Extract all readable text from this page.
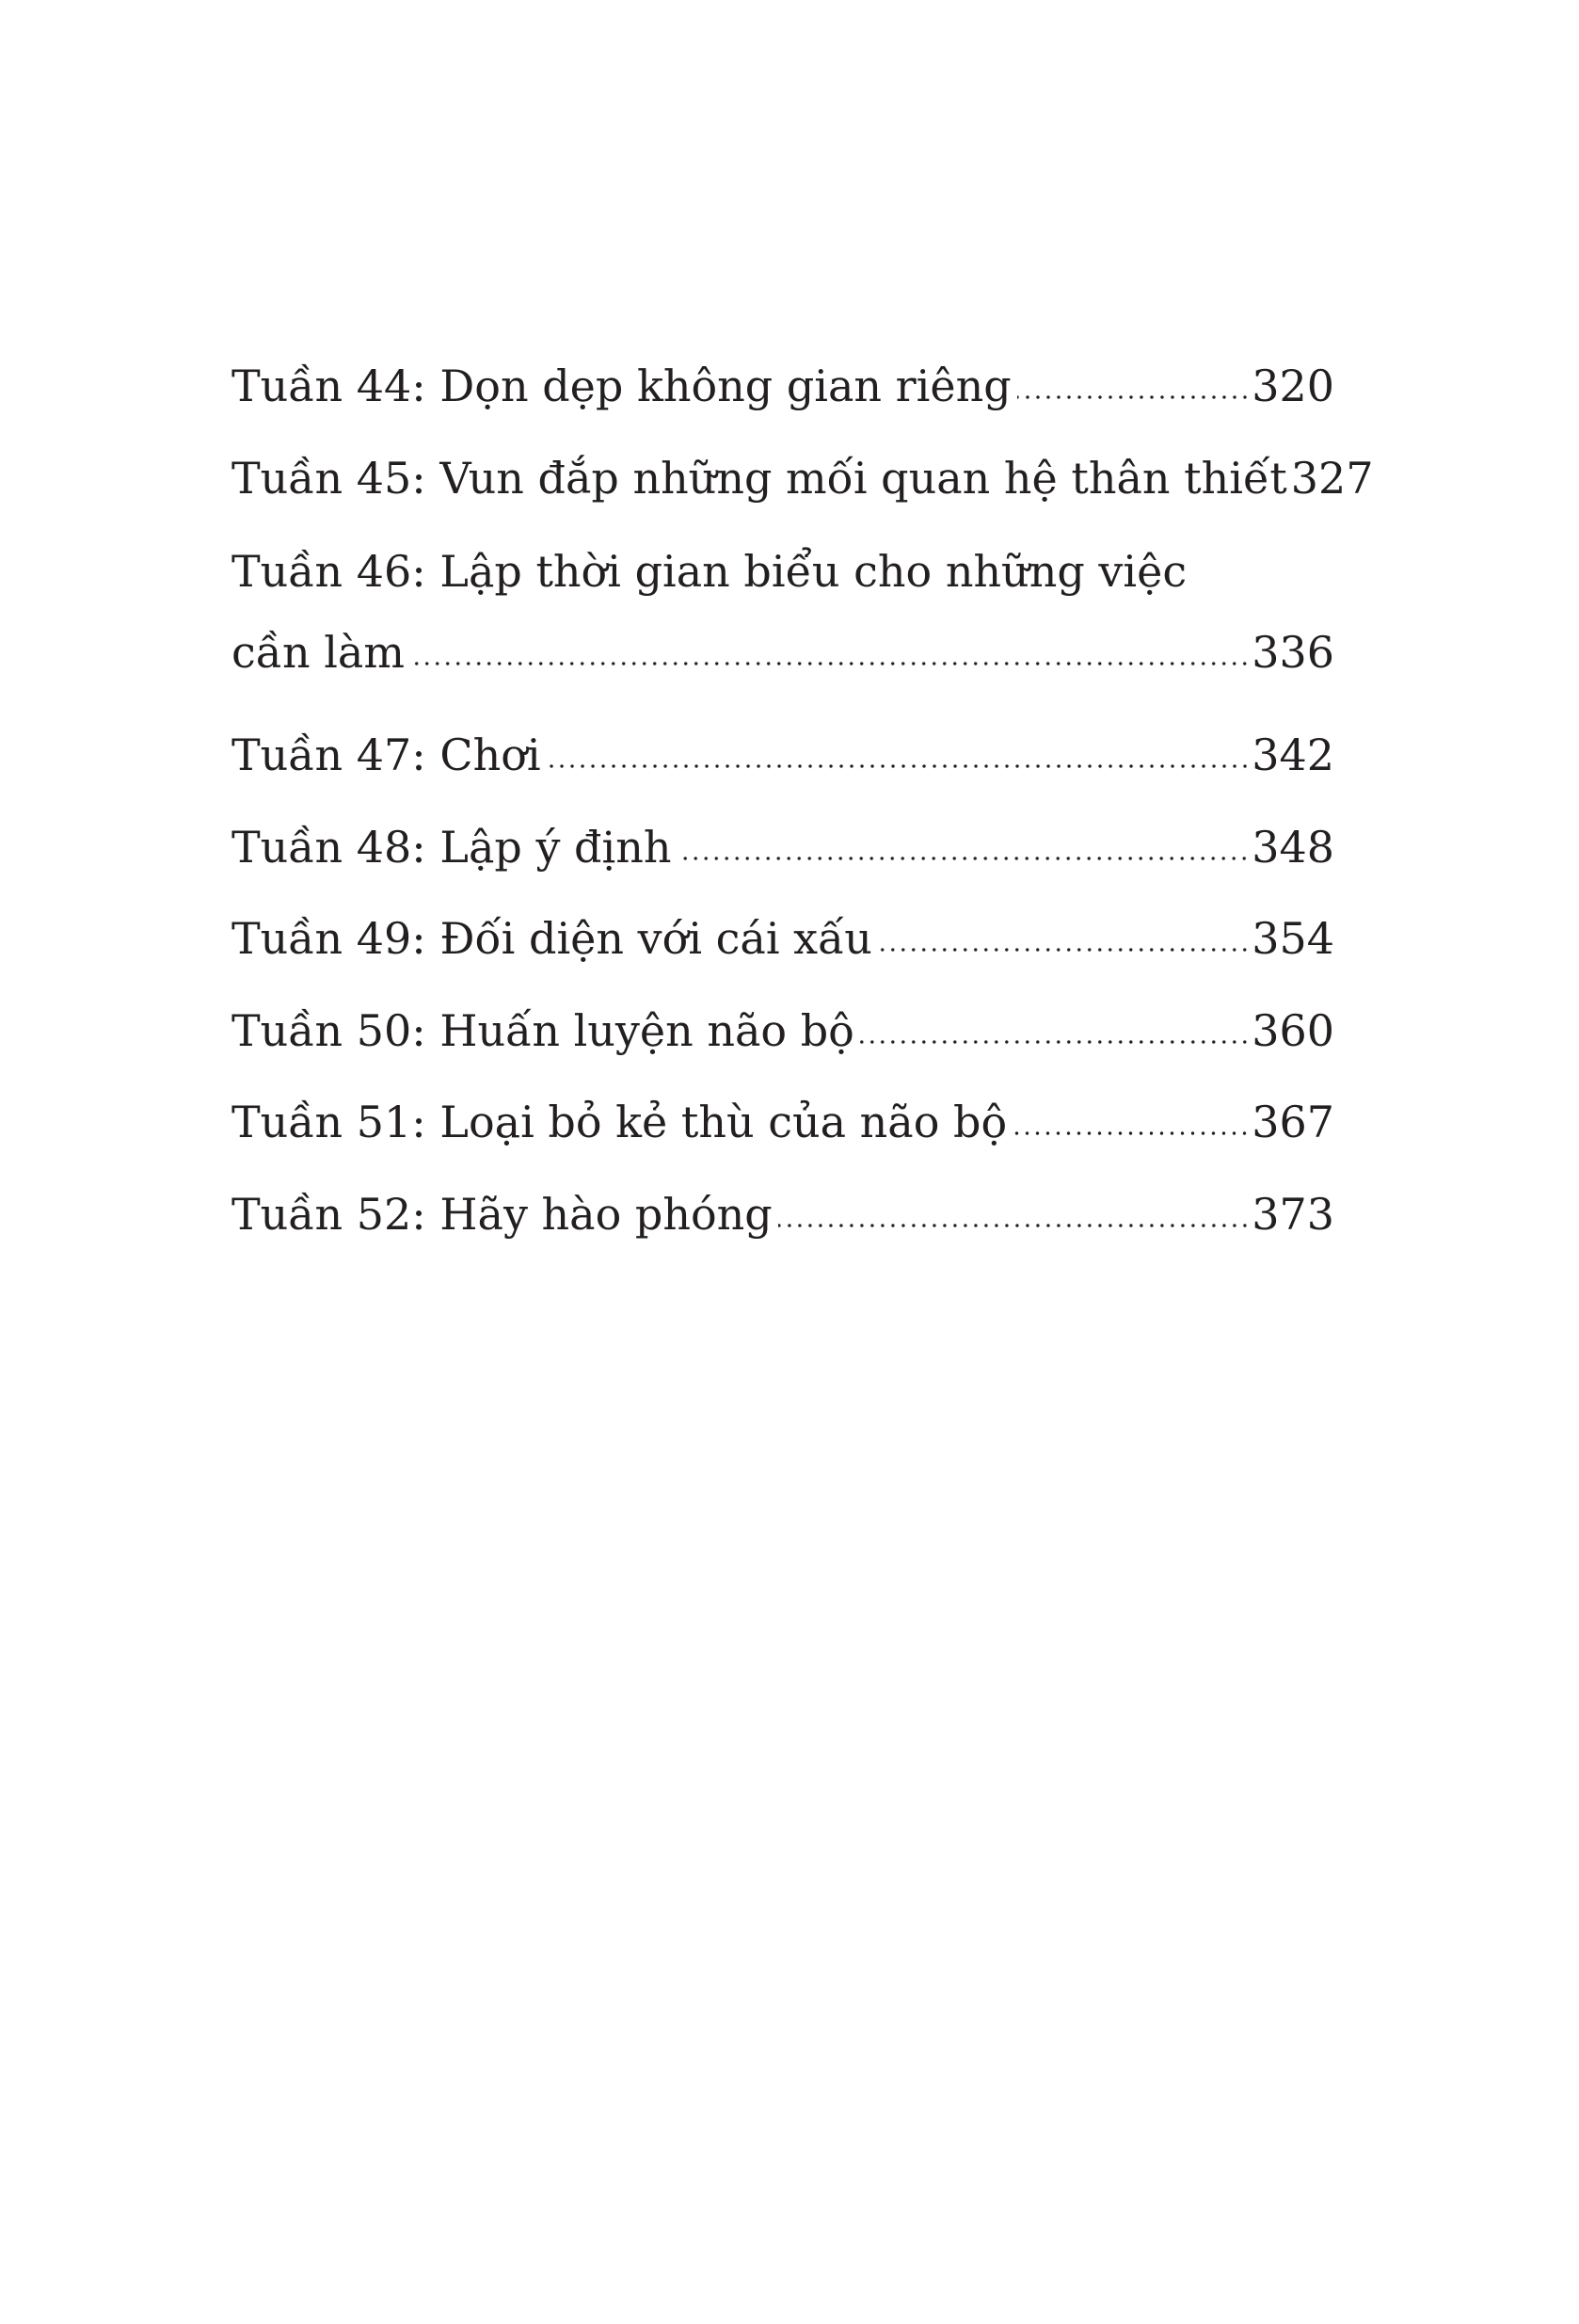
Tuần 44: Dọn dẹp không gian riêng	320
Tuần 45: Vun đắp những mối quan hệ thân thiết 327
Tuần 46: Lập thời gian biểu cho những việc
cần làm	336
Tuần 47: Chơi	342
Tuần 48: Lập ý định	348
Tuần 49: Đối diện với cái xấu	354
Tuần 50: Huấn luyện não bộ	360
Tuần 51: Loại bỏ kẻ thù của não bộ	367
Tuần 52: Hãy hào phóng	373
